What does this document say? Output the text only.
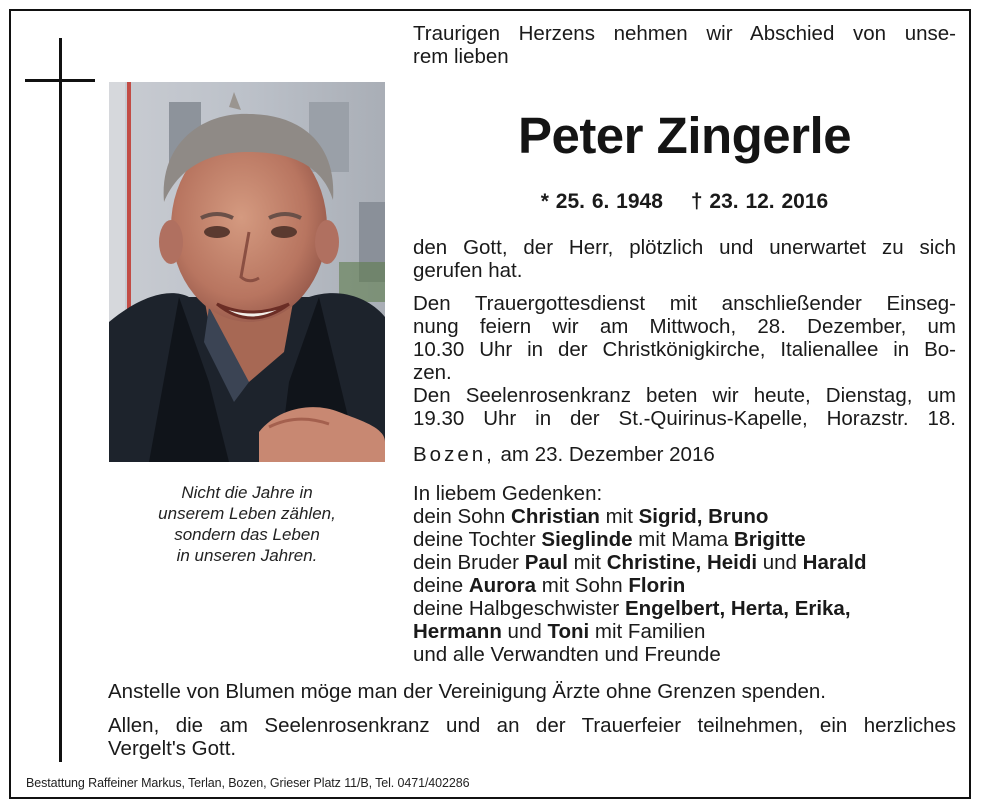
Nicht die Jahre in
unserem Leben zählen,
sondern das Leben
in unseren Jahren.
Traurigen Herzens nehmen wir Abschied von unse-
rem lieben
Peter Zingerle
* 25. 6. 1948 † 23. 12. 2016
den Gott, der Herr, plötzlich und unerwartet zu sich
gerufen hat.
Den Trauergottesdienst mit anschließender Einseg-
nung feiern wir am Mittwoch, 28. Dezember, um
10.30 Uhr in der Christkönigkirche, Italienallee in Bo-
zen.
Den Seelenrosenkranz beten wir heute, Dienstag, um
19.30 Uhr in der St.-Quirinus-Kapelle, Horazstr. 18.
Bozen, am 23. Dezember 2016
In liebem Gedenken:
dein Sohn Christian mit Sigrid, Bruno
deine Tochter Sieglinde mit Mama Brigitte
dein Bruder Paul mit Christine, Heidi und Harald
deine Aurora mit Sohn Florin
deine Halbgeschwister Engelbert, Herta, Erika,
Hermann und Toni mit Familien
und alle Verwandten und Freunde
Anstelle von Blumen möge man der Vereinigung Ärzte ohne Grenzen spenden.
Allen, die am Seelenrosenkranz und an der Trauerfeier teilnehmen, ein herzliches
Vergelt's Gott.
Bestattung Raffeiner Markus, Terlan, Bozen, Grieser Platz 11/B, Tel. 0471/402286
